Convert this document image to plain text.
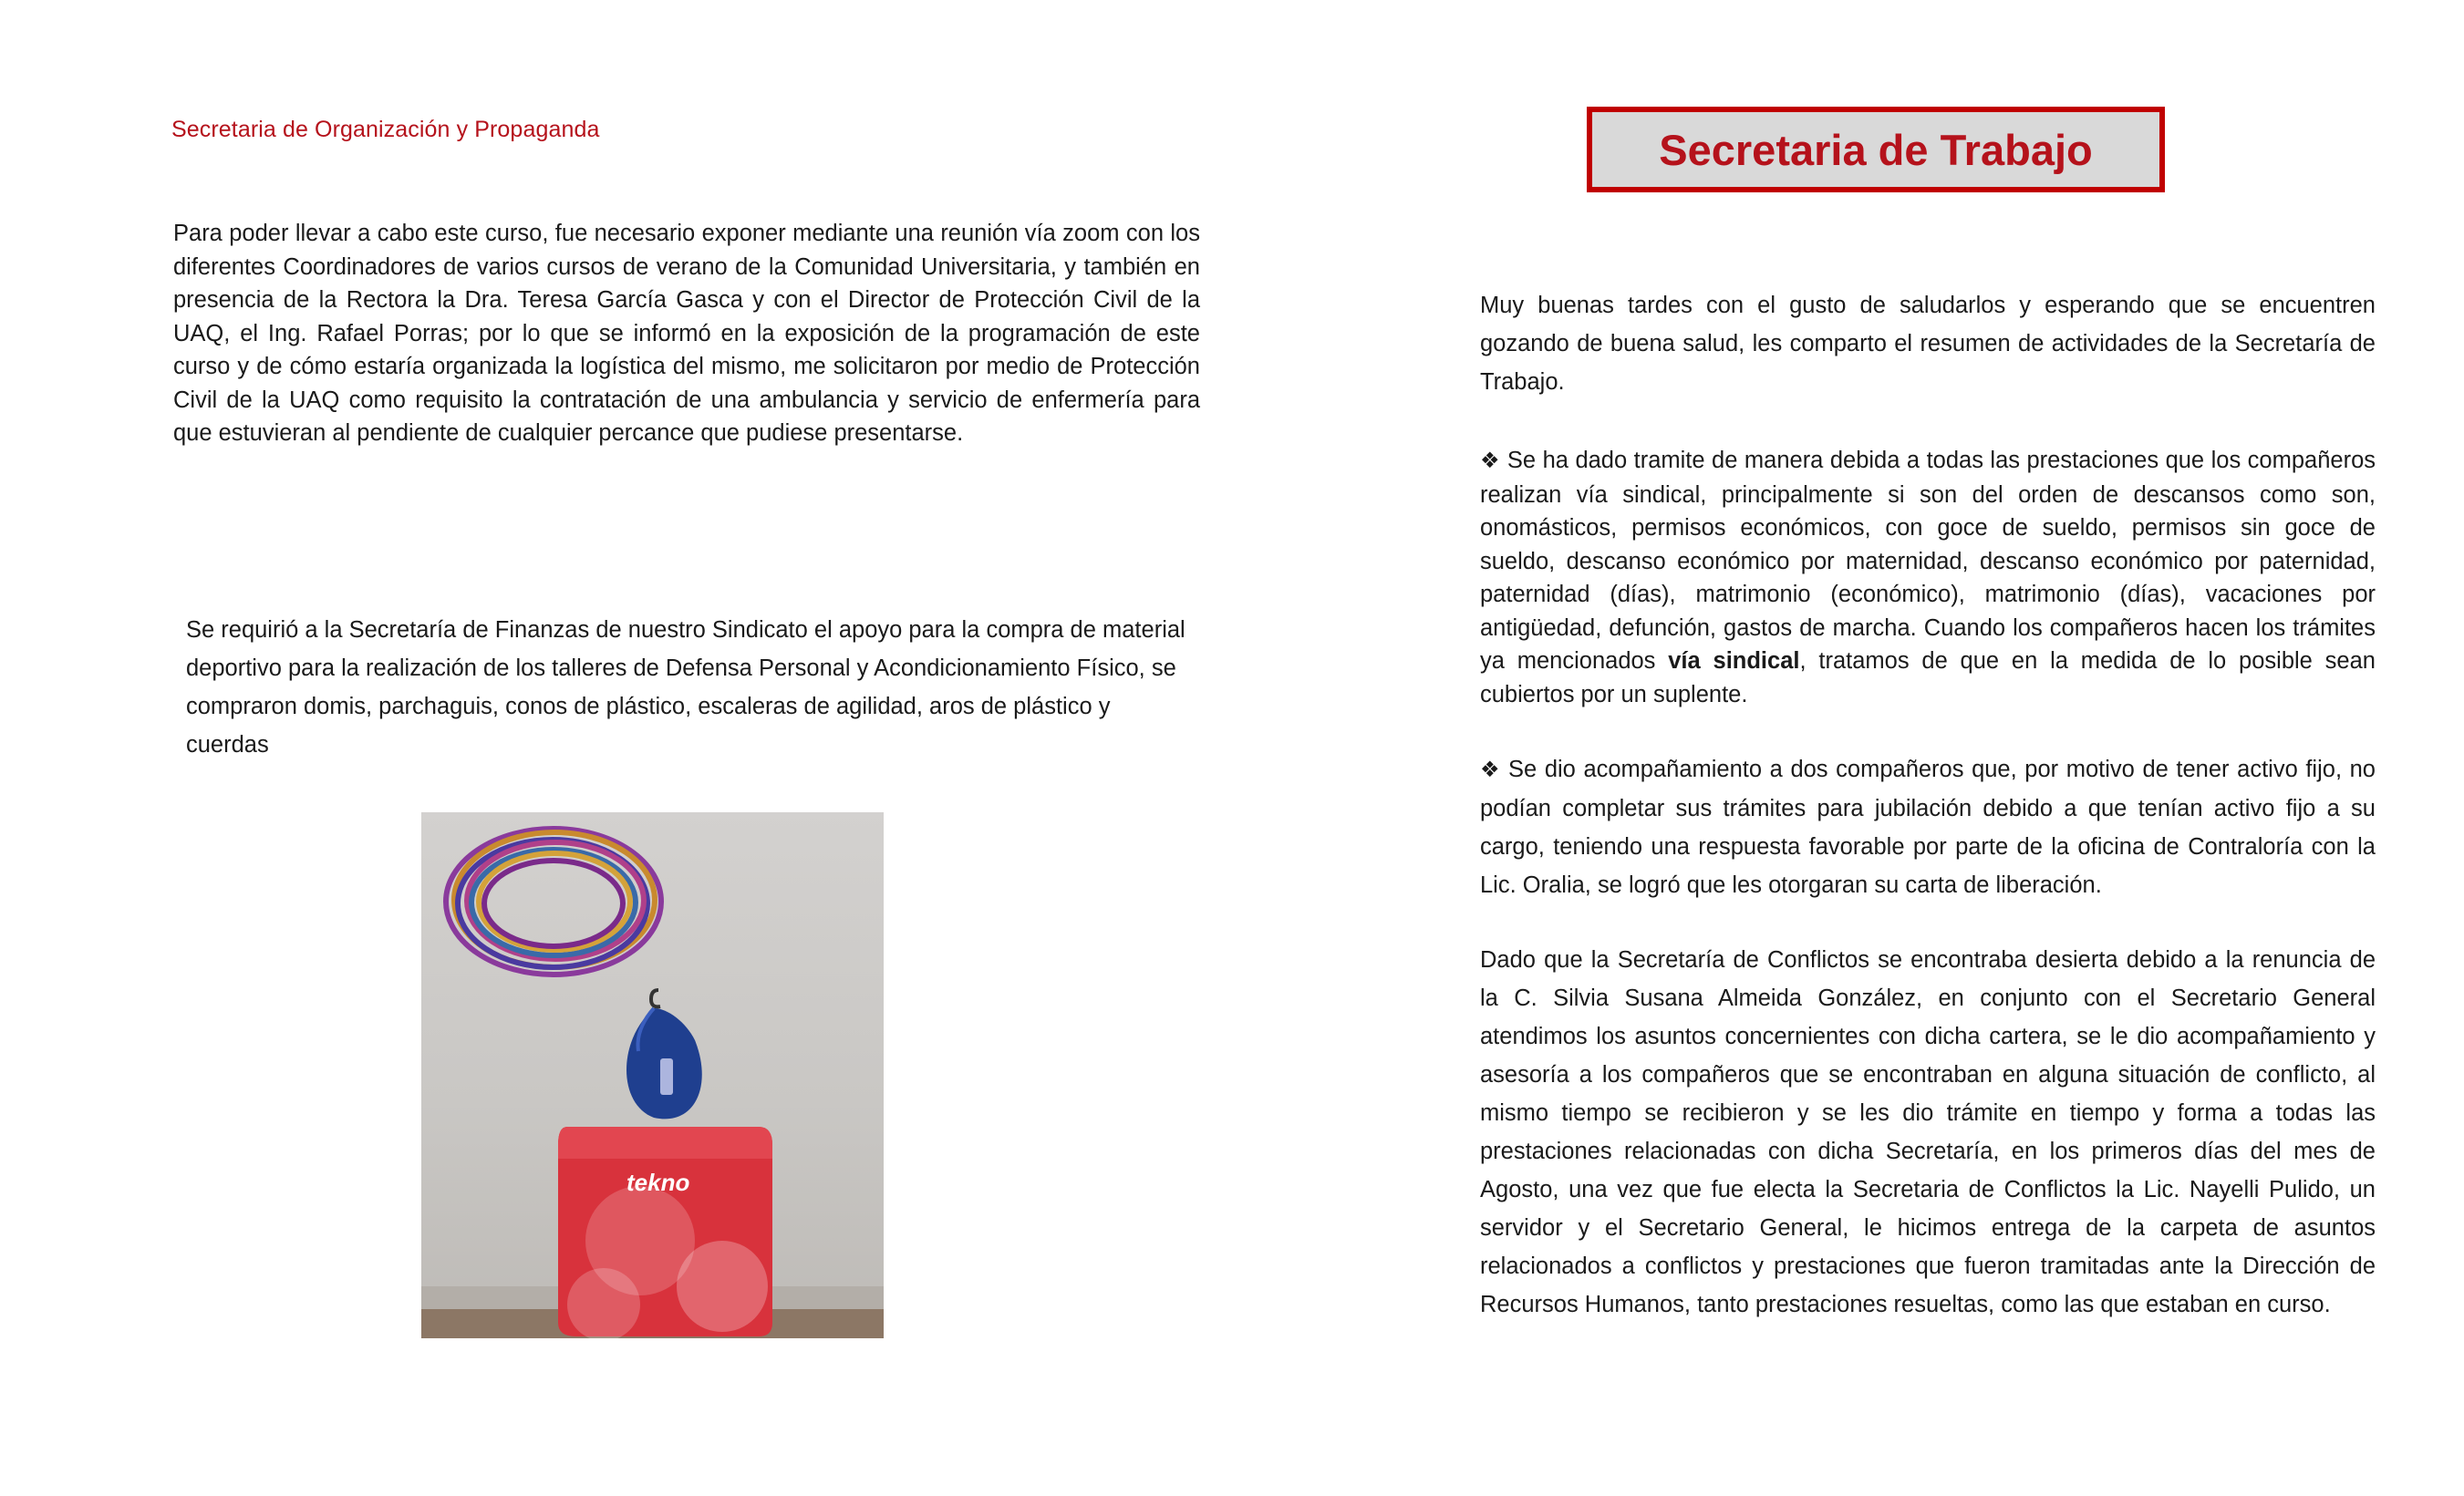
Secretaria de Organización y Propaganda

Para poder llevar a cabo este curso, fue necesario exponer mediante una reunión vía zoom con los diferentes Coordinadores de varios cursos de verano de la Comunidad Universitaria, y también en presencia de la Rectora la Dra. Teresa García Gasca y con el Director de Protección Civil de la UAQ, el Ing. Rafael Porras; por lo que se informó en la exposición de la programación de este curso y de cómo estaría organizada la logística del mismo, me solicitaron por medio de Protección Civil de la UAQ como requisito la contratación de una ambulancia y servicio de enfermería para que estuvieran al pendiente de cualquier percance que pudiese presentarse.

Se requirió a la Secretaría de Finanzas de nuestro Sindicato el apoyo para la compra de material deportivo para la realización de los talleres de Defensa Personal y Acondicionamiento Físico, se compraron domis, parchaguis, conos de plástico, escaleras de agilidad, aros de plástico y cuerdas

tekno
Secretaria de Trabajo

Muy buenas tardes con el gusto de saludarlos y esperando que se encuentren gozando de buena salud, les comparto el resumen de actividades de la Secretaría de Trabajo.

❖ Se ha dado tramite de manera debida a todas las prestaciones que los compañeros realizan vía sindical, principalmente si son del orden de descansos como son, onomásticos, permisos económicos, con goce de sueldo, permisos sin goce de sueldo, descanso económico por maternidad, descanso económico por paternidad, paternidad (días), matrimonio (económico), matrimonio (días), vacaciones por antigüedad, defunción, gastos de marcha. Cuando los compañeros hacen los trámites ya mencionados vía sindical, tratamos de que en la medida de lo posible sean cubiertos por un suplente.

❖ Se dio acompañamiento a dos compañeros que, por motivo de tener activo fijo, no podían completar sus trámites para jubilación debido a que tenían activo fijo a su cargo, teniendo una respuesta favorable por parte de la oficina de Contraloría con la Lic. Oralia, se logró que les otorgaran su carta de liberación.

Dado que la Secretaría de Conflictos se encontraba desierta debido a la renuncia de la C. Silvia Susana Almeida González, en conjunto con el Secretario General atendimos los asuntos concernientes con dicha cartera, se le dio acompañamiento y asesoría a los compañeros que se encontraban en alguna situación de conflicto, al mismo tiempo se recibieron y se les dio trámite en tiempo y forma a todas las prestaciones relacionadas con dicha Secretaría, en los primeros días del mes de Agosto, una vez que fue electa la Secretaria de Conflictos la Lic. Nayelli Pulido, un servidor y el Secretario General, le hicimos entrega de la carpeta de asuntos relacionados a conflictos y prestaciones que fueron tramitadas ante la Dirección de Recursos Humanos, tanto prestaciones resueltas, como las que estaban en curso.
